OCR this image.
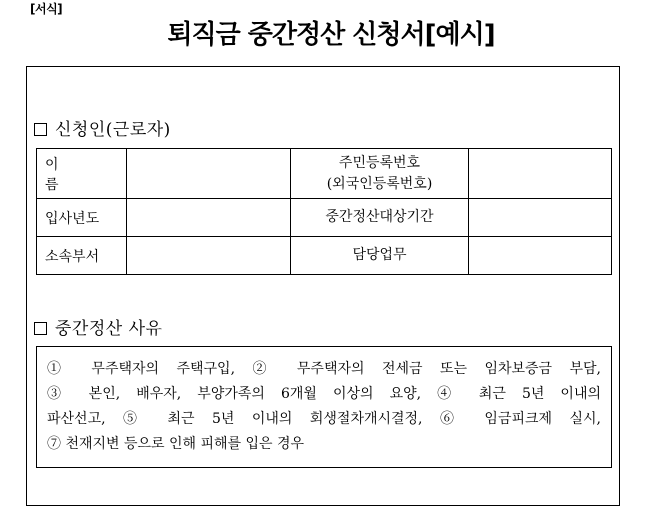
[서식]
퇴직금 중간정산 신청서[예시]
신청인(근로자)
이 름		주민등록번호
(외국인등록번호)	

입사년도		중간정산대상기간	
소속부서		담당업무	
중간정산 사유
① 무주택자의 주택구입, ② 무주택자의 전세금 또는 임차보증금 부담,
③ 본인, 배우자, 부양가족의 6개월 이상의 요양, ④ 최근 5년 이내의
파산선고, ⑤ 최근 5년 이내의 회생절차개시결정, ⑥ 임금피크제 실시,
⑦ 천재지변 등으로 인해 피해를 입은 경우
